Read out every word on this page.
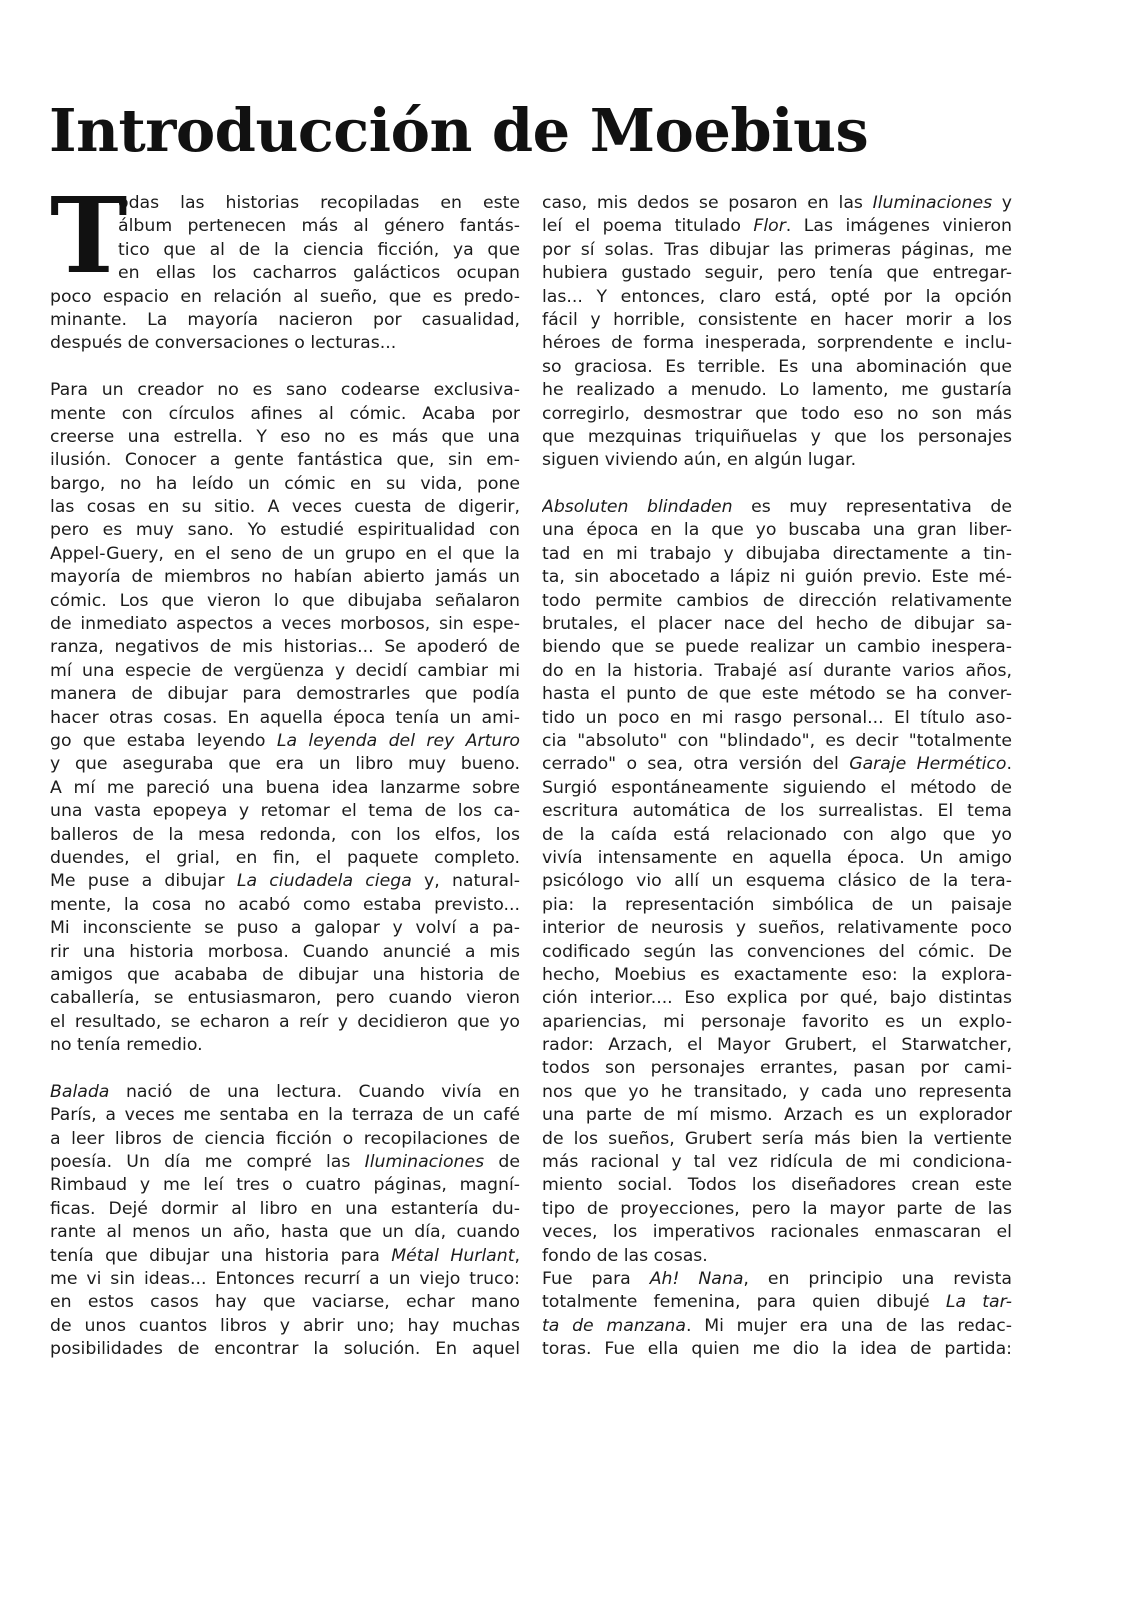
Introducción de Moebius
T
odas las historias recopiladas en este
álbum pertenecen más al género fantás-
tico que al de la ciencia ficción, ya que
en ellas los cacharros galácticos ocupan
poco espacio en relación al sueño, que es predo-
minante. La mayoría nacieron por casualidad,
después de conversaciones o lecturas...
Para un creador no es sano codearse exclusiva-
mente con círculos afines al cómic. Acaba por
creerse una estrella. Y eso no es más que una
ilusión. Conocer a gente fantástica que, sin em-
bargo, no ha leído un cómic en su vida, pone
las cosas en su sitio. A veces cuesta de digerir,
pero es muy sano. Yo estudié espiritualidad con
Appel-Guery, en el seno de un grupo en el que la
mayoría de miembros no habían abierto jamás un
cómic. Los que vieron lo que dibujaba señalaron
de inmediato aspectos a veces morbosos, sin espe-
ranza, negativos de mis historias... Se apoderó de
mí una especie de vergüenza y decidí cambiar mi
manera de dibujar para demostrarles que podía
hacer otras cosas. En aquella época tenía un ami-
go que estaba leyendo La leyenda del rey Arturo
y que aseguraba que era un libro muy bueno.
A mí me pareció una buena idea lanzarme sobre
una vasta epopeya y retomar el tema de los ca-
balleros de la mesa redonda, con los elfos, los
duendes, el grial, en fin, el paquete completo.
Me puse a dibujar La ciudadela ciega y, natural-
mente, la cosa no acabó como estaba previsto...
Mi inconsciente se puso a galopar y volví a pa-
rir una historia morbosa. Cuando anuncié a mis
amigos que acababa de dibujar una historia de
caballería, se entusiasmaron, pero cuando vieron
el resultado, se echaron a reír y decidieron que yo
no tenía remedio.
Balada nació de una lectura. Cuando vivía en
París, a veces me sentaba en la terraza de un café
a leer libros de ciencia ficción o recopilaciones de
poesía. Un día me compré las Iluminaciones de
Rimbaud y me leí tres o cuatro páginas, magní-
ficas. Dejé dormir al libro en una estantería du-
rante al menos un año, hasta que un día, cuando
tenía que dibujar una historia para Métal Hurlant,
me vi sin ideas... Entonces recurrí a un viejo truco:
en estos casos hay que vaciarse, echar mano
de unos cuantos libros y abrir uno; hay muchas
posibilidades de encontrar la solución. En aquel
caso, mis dedos se posaron en las Iluminaciones y
leí el poema titulado Flor. Las imágenes vinieron
por sí solas. Tras dibujar las primeras páginas, me
hubiera gustado seguir, pero tenía que entregar-
las... Y entonces, claro está, opté por la opción
fácil y horrible, consistente en hacer morir a los
héroes de forma inesperada, sorprendente e inclu-
so graciosa. Es terrible. Es una abominación que
he realizado a menudo. Lo lamento, me gustaría
corregirlo, desmostrar que todo eso no son más
que mezquinas triquiñuelas y que los personajes
siguen viviendo aún, en algún lugar.
Absoluten blindaden es muy representativa de
una época en la que yo buscaba una gran liber-
tad en mi trabajo y dibujaba directamente a tin-
ta, sin abocetado a lápiz ni guión previo. Este mé-
todo permite cambios de dirección relativamente
brutales, el placer nace del hecho de dibujar sa-
biendo que se puede realizar un cambio inespera-
do en la historia. Trabajé así durante varios años,
hasta el punto de que este método se ha conver-
tido un poco en mi rasgo personal... El título aso-
cia "absoluto" con "blindado", es decir "totalmente
cerrado" o sea, otra versión del Garaje Hermético.
Surgió espontáneamente siguiendo el método de
escritura automática de los surrealistas. El tema
de la caída está relacionado con algo que yo
vivía intensamente en aquella época. Un amigo
psicólogo vio allí un esquema clásico de la tera-
pia: la representación simbólica de un paisaje
interior de neurosis y sueños, relativamente poco
codificado según las convenciones del cómic. De
hecho, Moebius es exactamente eso: la explora-
ción interior.... Eso explica por qué, bajo distintas
apariencias, mi personaje favorito es un explo-
rador: Arzach, el Mayor Grubert, el Starwatcher,
todos son personajes errantes, pasan por cami-
nos que yo he transitado, y cada uno representa
una parte de mí mismo. Arzach es un explorador
de los sueños, Grubert sería más bien la vertiente
más racional y tal vez ridícula de mi condiciona-
miento social. Todos los diseñadores crean este
tipo de proyecciones, pero la mayor parte de las
veces, los imperativos racionales enmascaran el
fondo de las cosas.
Fue para Ah! Nana, en principio una revista
totalmente femenina, para quien dibujé La tar-
ta de manzana. Mi mujer era una de las redac-
toras. Fue ella quien me dio la idea de partida:
